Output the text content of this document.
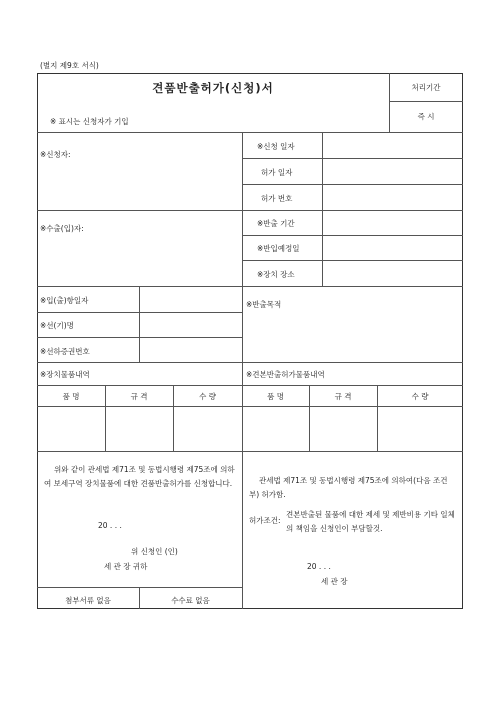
(별지 제9호 서식)
견품반출허가(신청)서
※ 표시는 신청자가 기입
처리기간
즉 시
※신청자:
※신청 일자
허가 일자
허가 번호
※수출(입)자:
※반출 기간
※반입예정일
※장치 장소
※입(출)항일자
※선(기)명
※선하증권번호
※반출목적
※장치물품내역	※견본반출허가물품내역
품 명	규 격	수 량	품 명	규 격	수 량
위와 같이 관세법 제71조 및 동법시행령 제75조에 의하여 보세구역 장치물품에 대한 견품반출허가를 신청합니다.
20 . . .
위 신청인 (인)
세 관 장 귀하
관세법 제71조 및 동법시행령 제75조에 의하여(다음 조건부) 허가함.
허가조건:
견본반출된 물품에 대한 제세 및 제반비용 기타 일체의 책임을 신청인이 부담할것.
20 . . .
세 관 장
첨부서류 없음	수수료 없음
